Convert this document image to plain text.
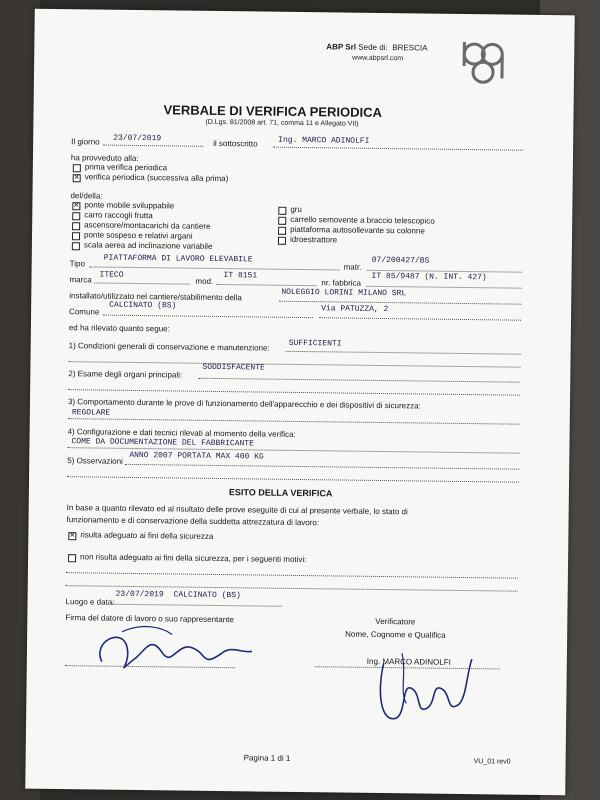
ABP Srl Sede di: BRESCIA
www.abpsrl.com
VERBALE DI VERIFICA PERIODICA
(D.Lgs. 81/2008 art. 71, comma 11 e Allegato VII)
Il giorno 23/07/2019
il sottoscritto	Ing. MARCO ADINOLFI
ha provveduto alla:
prima verifica periodica
✕ verifica periodica (successiva alla prima)
del/della:
✕ ponte mobile sviluppabile
carro raccogli frutta
ascensore/montacarichi da cantiere
ponte sospeso e relativi argani
scala aerea ad inclinazione variabile
gru
carrello semovente a braccio telescopico
piattaforma autosollevante su colonne
idroestrattore
Tipo PIATTAFORMA DI LAVORO ELEVABILE
matr.
07/200427/BS
marca ITECO
mod.
IT 8151
nr. fabbrica
IT 85/9487 (N. INT. 427)
installato/utilizzato nel cantiere/stabilimento della	NOLEGGIO LORINI MILANO SRL
Comune
CALCINATO (BS)	Via PATUZZA, 2
ed ha rilevato quanto segue:
1) Condizioni generali di conservazione e manutenzione: SUFFICIENTI
2) Esame degli organi principali:
SODDISFACENTE
3) Comportamento durante le prove di funzionamento dell'apparecchio e dei dispositivi di sicurezza:
REGOLARE
4) Configurazione e dati tecnici rilevati al momento della verifica:
COME DA DOCUMENTAZIONE DEL FABBRICANTE
5) Osservazioni ANNO 2007 PORTATA MAX 400 KG
ESITO DELLA VERIFICA
In base a quanto rilevato ed al risultato delle prove eseguite di cui al presente verbale, lo stato di
funzionamento e di conservazione della suddetta attrezzatura di lavoro:
✕ risulta adeguato ai fini della sicurezza
non risulta adeguato ai fini della sicurezza, per i seguenti motivi:
Luogo e data:
23/07/2019 CALCINATO (BS)
Firma del datore di lavoro o suo rappresentante	Verificatore
Nome, Cognome e Qualifica
Ing. MARCO ADINOLFI
Pagina 1 di 1	VU_01 rev0
